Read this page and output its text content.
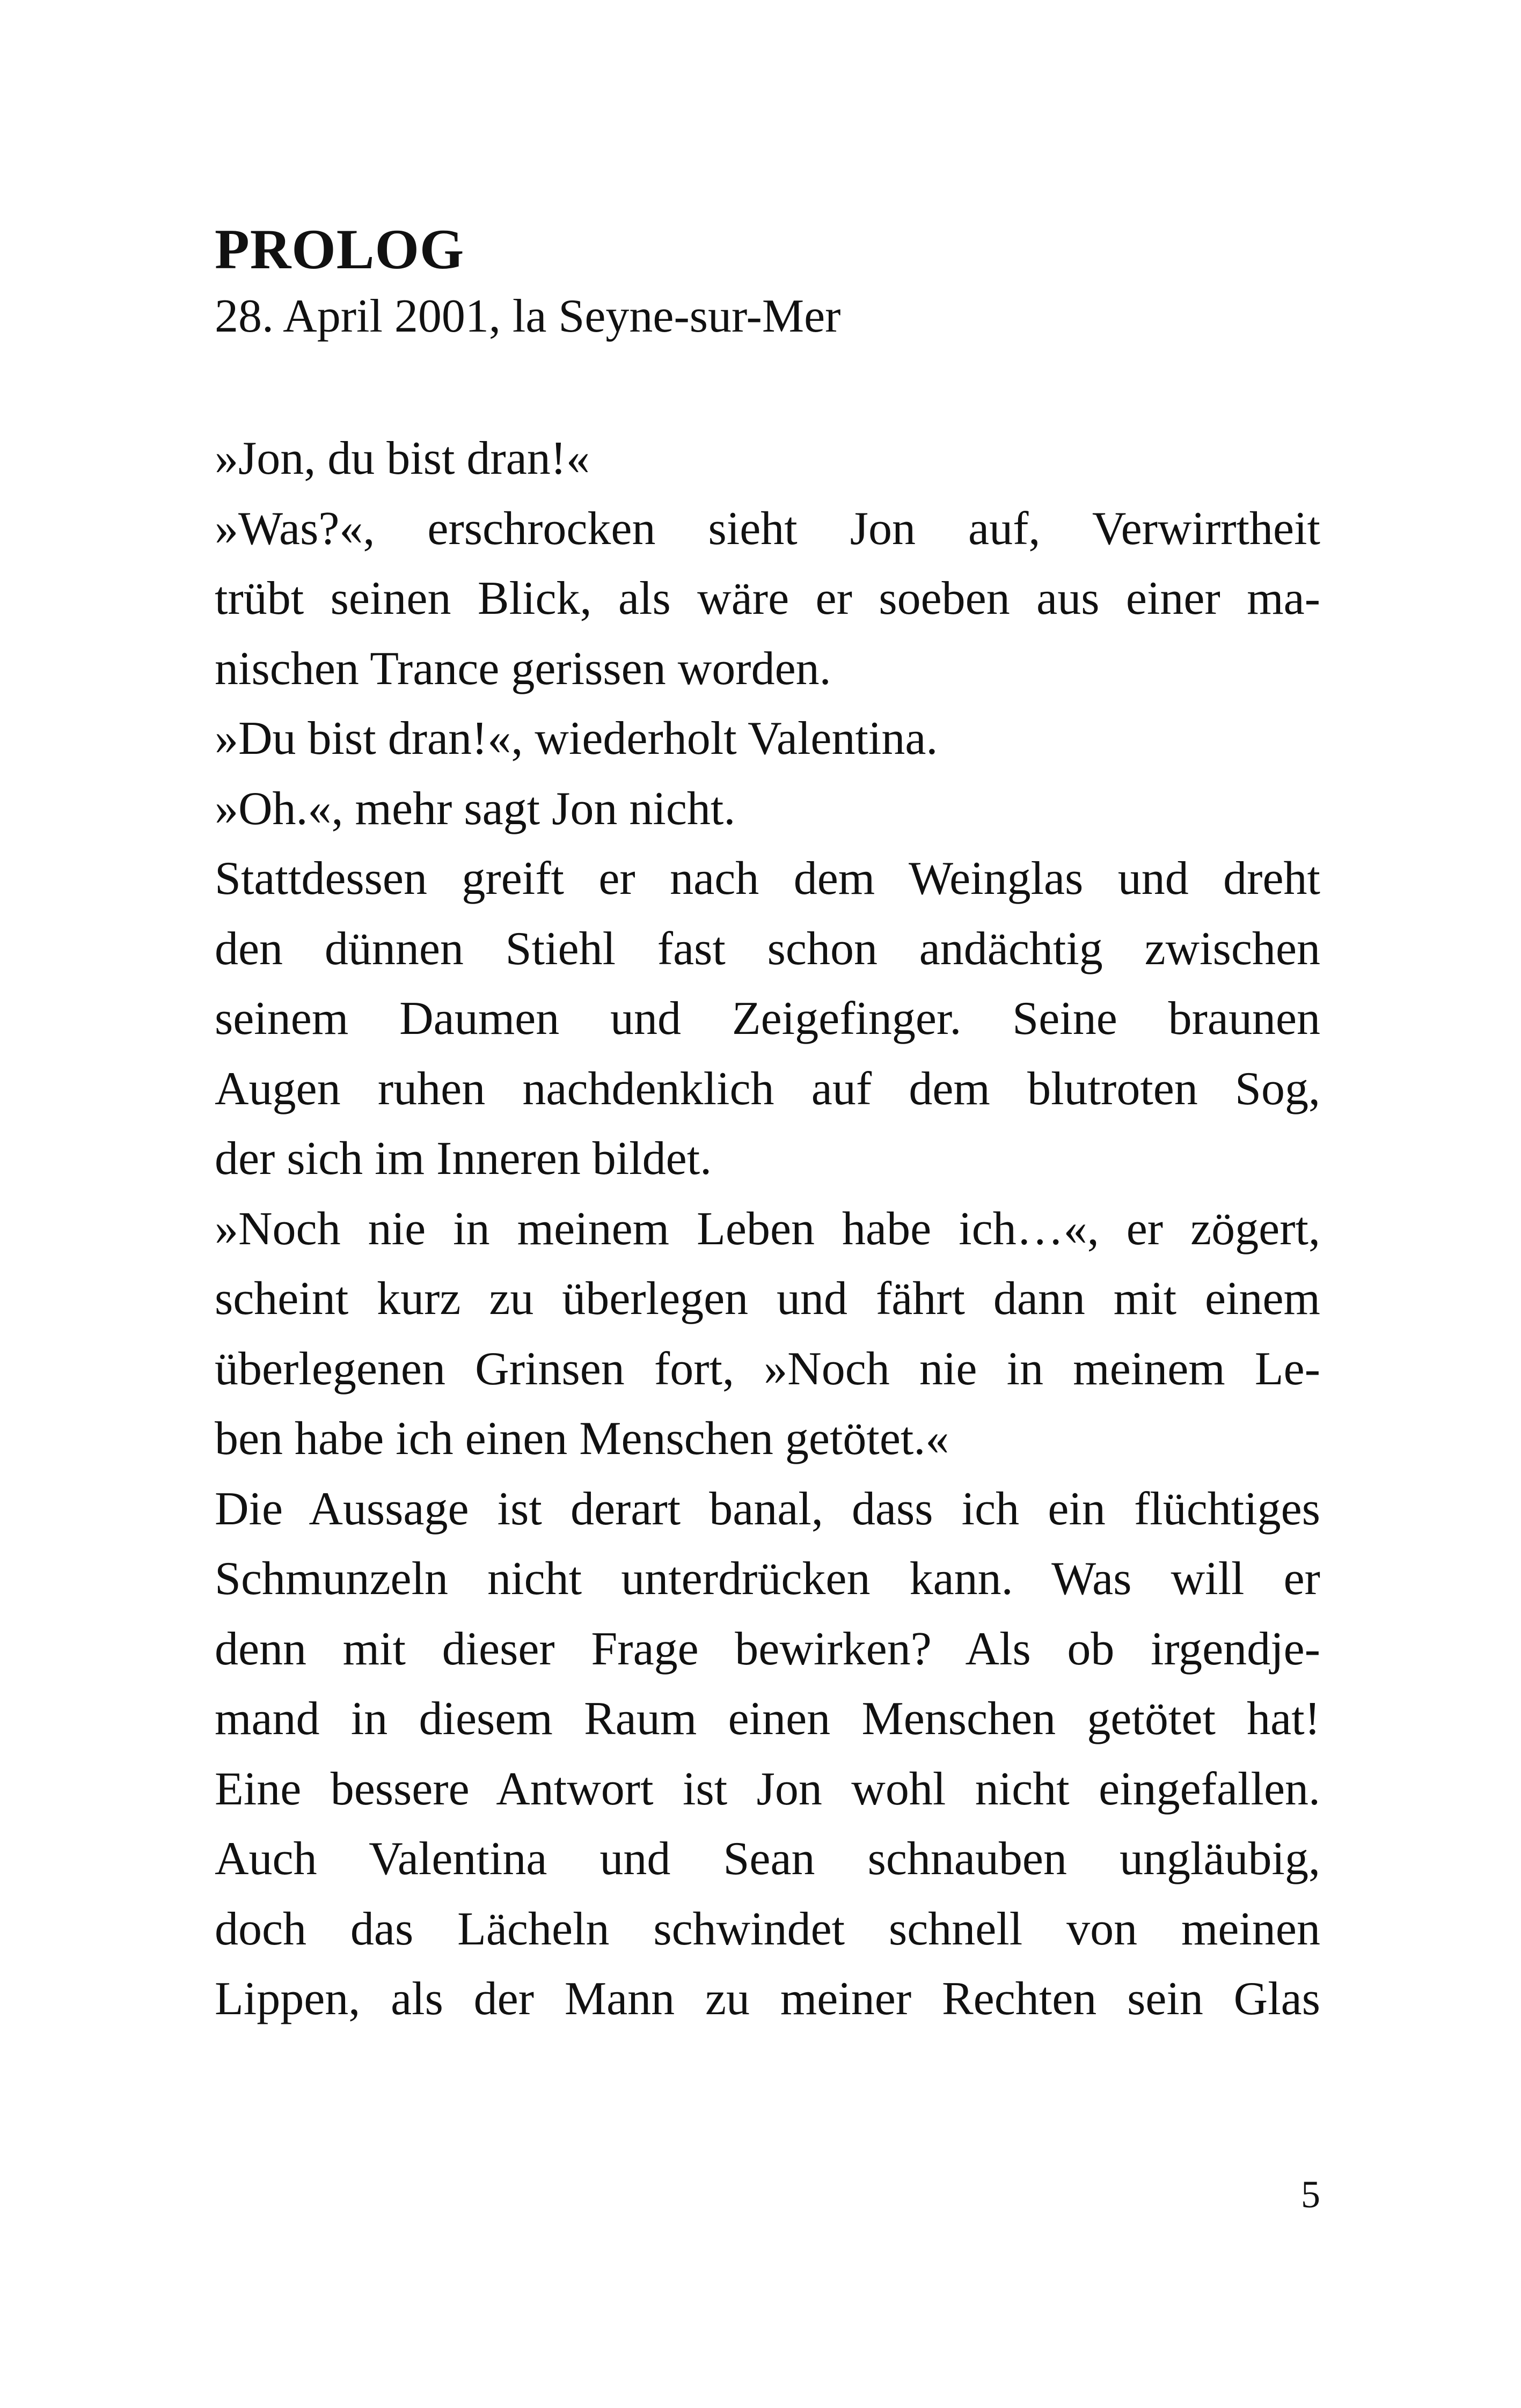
PROLOG

28. April 2001, la Seyne-sur-Mer

»Jon, du bist dran!«
»Was?«, erschrocken sieht Jon auf, Verwirrtheit
trübt seinen Blick, als wäre er soeben aus einer ma-
nischen Trance gerissen worden.
»Du bist dran!«, wiederholt Valentina.
»Oh.«, mehr sagt Jon nicht.
Stattdessen greift er nach dem Weinglas und dreht
den dünnen Stiehl fast schon andächtig zwischen
seinem Daumen und Zeigefinger. Seine braunen
Augen ruhen nachdenklich auf dem blutroten Sog,
der sich im Inneren bildet.
»Noch nie in meinem Leben habe ich…«, er zögert,
scheint kurz zu überlegen und fährt dann mit einem
überlegenen Grinsen fort, »Noch nie in meinem Le-
ben habe ich einen Menschen getötet.«
Die Aussage ist derart banal, dass ich ein flüchtiges
Schmunzeln nicht unterdrücken kann. Was will er
denn mit dieser Frage bewirken? Als ob irgendje-
mand in diesem Raum einen Menschen getötet hat!
Eine bessere Antwort ist Jon wohl nicht eingefallen.
Auch Valentina und Sean schnauben ungläubig,
doch das Lächeln schwindet schnell von meinen
Lippen, als der Mann zu meiner Rechten sein Glas

5
